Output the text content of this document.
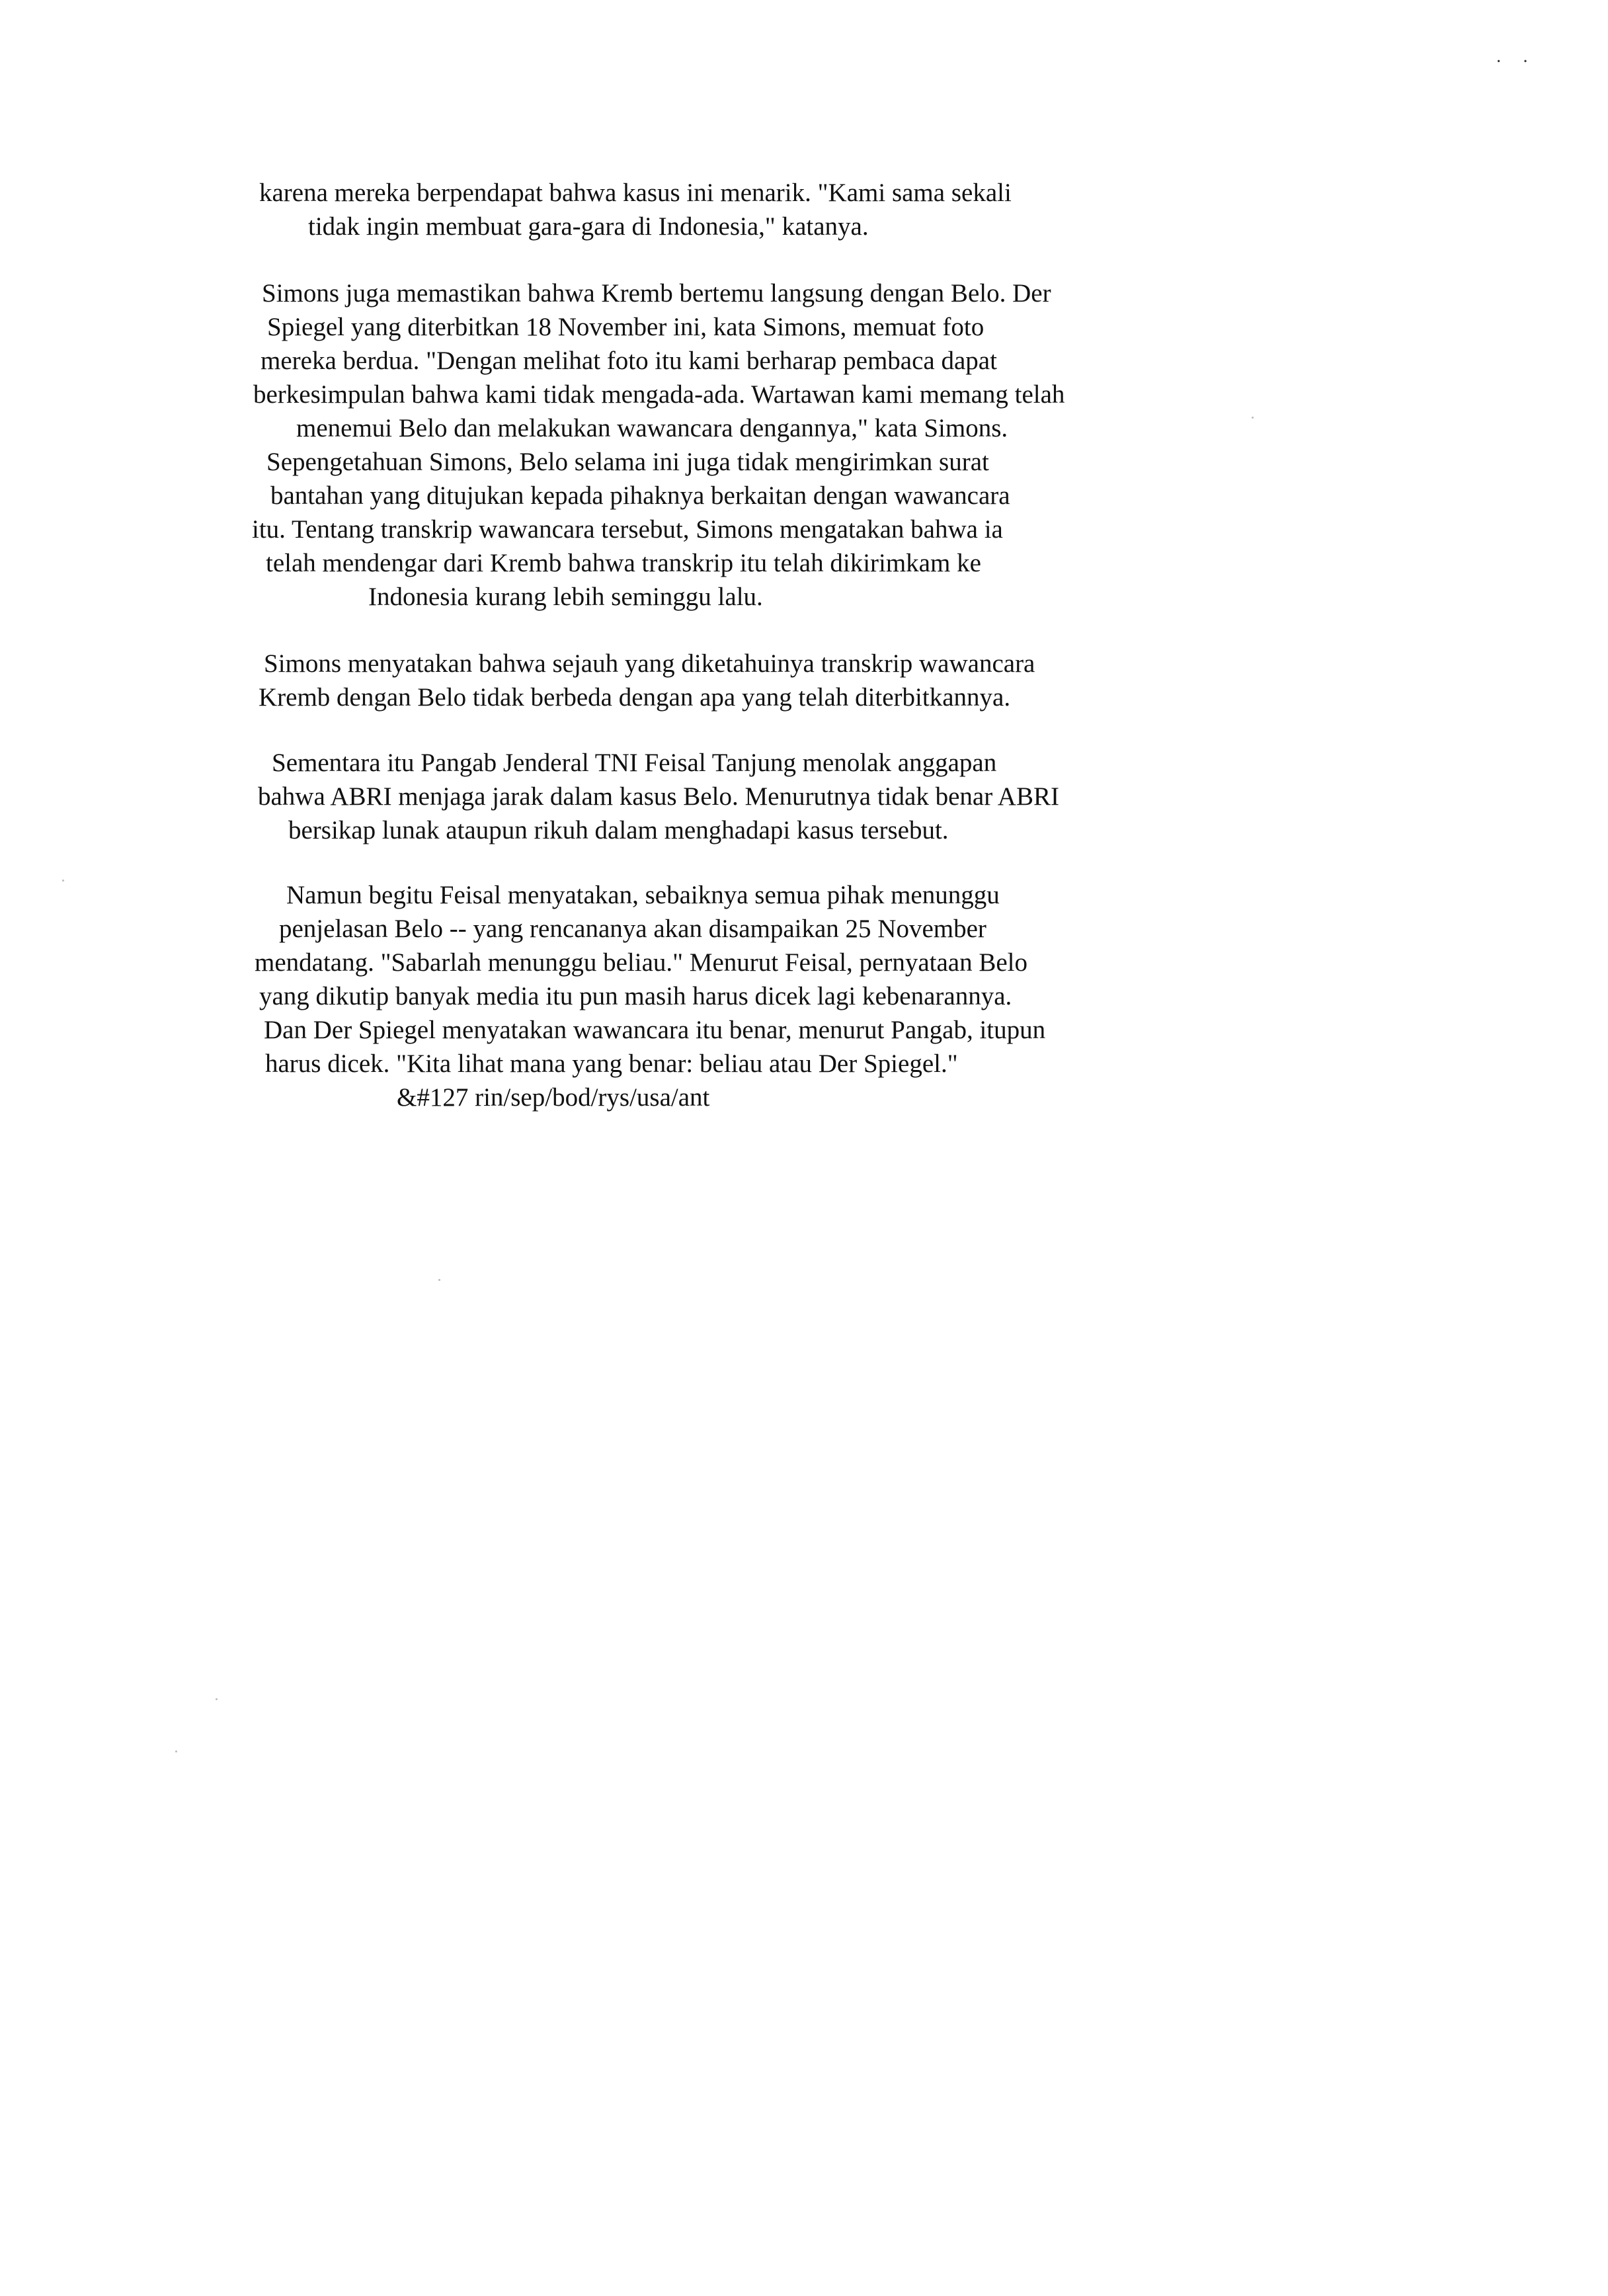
· ·
karena mereka berpendapat bahwa kasus ini menarik. "Kami sama sekali
tidak ingin membuat gara-gara di Indonesia," katanya.
Simons juga memastikan bahwa Kremb bertemu langsung dengan Belo. Der
Spiegel yang diterbitkan 18 November ini, kata Simons, memuat foto
mereka berdua. "Dengan melihat foto itu kami berharap pembaca dapat
berkesimpulan bahwa kami tidak mengada-ada. Wartawan kami memang telah
menemui Belo dan melakukan wawancara dengannya," kata Simons.
Sepengetahuan Simons, Belo selama ini juga tidak mengirimkan surat
bantahan yang ditujukan kepada pihaknya berkaitan dengan wawancara
itu. Tentang transkrip wawancara tersebut, Simons mengatakan bahwa ia
telah mendengar dari Kremb bahwa transkrip itu telah dikirimkam ke
Indonesia kurang lebih seminggu lalu.
Simons menyatakan bahwa sejauh yang diketahuinya transkrip wawancara
Kremb dengan Belo tidak berbeda dengan apa yang telah diterbitkannya.
Sementara itu Pangab Jenderal TNI Feisal Tanjung menolak anggapan
bahwa ABRI menjaga jarak dalam kasus Belo. Menurutnya tidak benar ABRI
bersikap lunak ataupun rikuh dalam menghadapi kasus tersebut.
Namun begitu Feisal menyatakan, sebaiknya semua pihak menunggu
penjelasan Belo -- yang rencananya akan disampaikan 25 November
mendatang. "Sabarlah menunggu beliau." Menurut Feisal, pernyataan Belo
yang dikutip banyak media itu pun masih harus dicek lagi kebenarannya.
Dan Der Spiegel menyatakan wawancara itu benar, menurut Pangab, itupun
harus dicek. "Kita lihat mana yang benar: beliau atau Der Spiegel."
&#127 rin/sep/bod/rys/usa/ant
